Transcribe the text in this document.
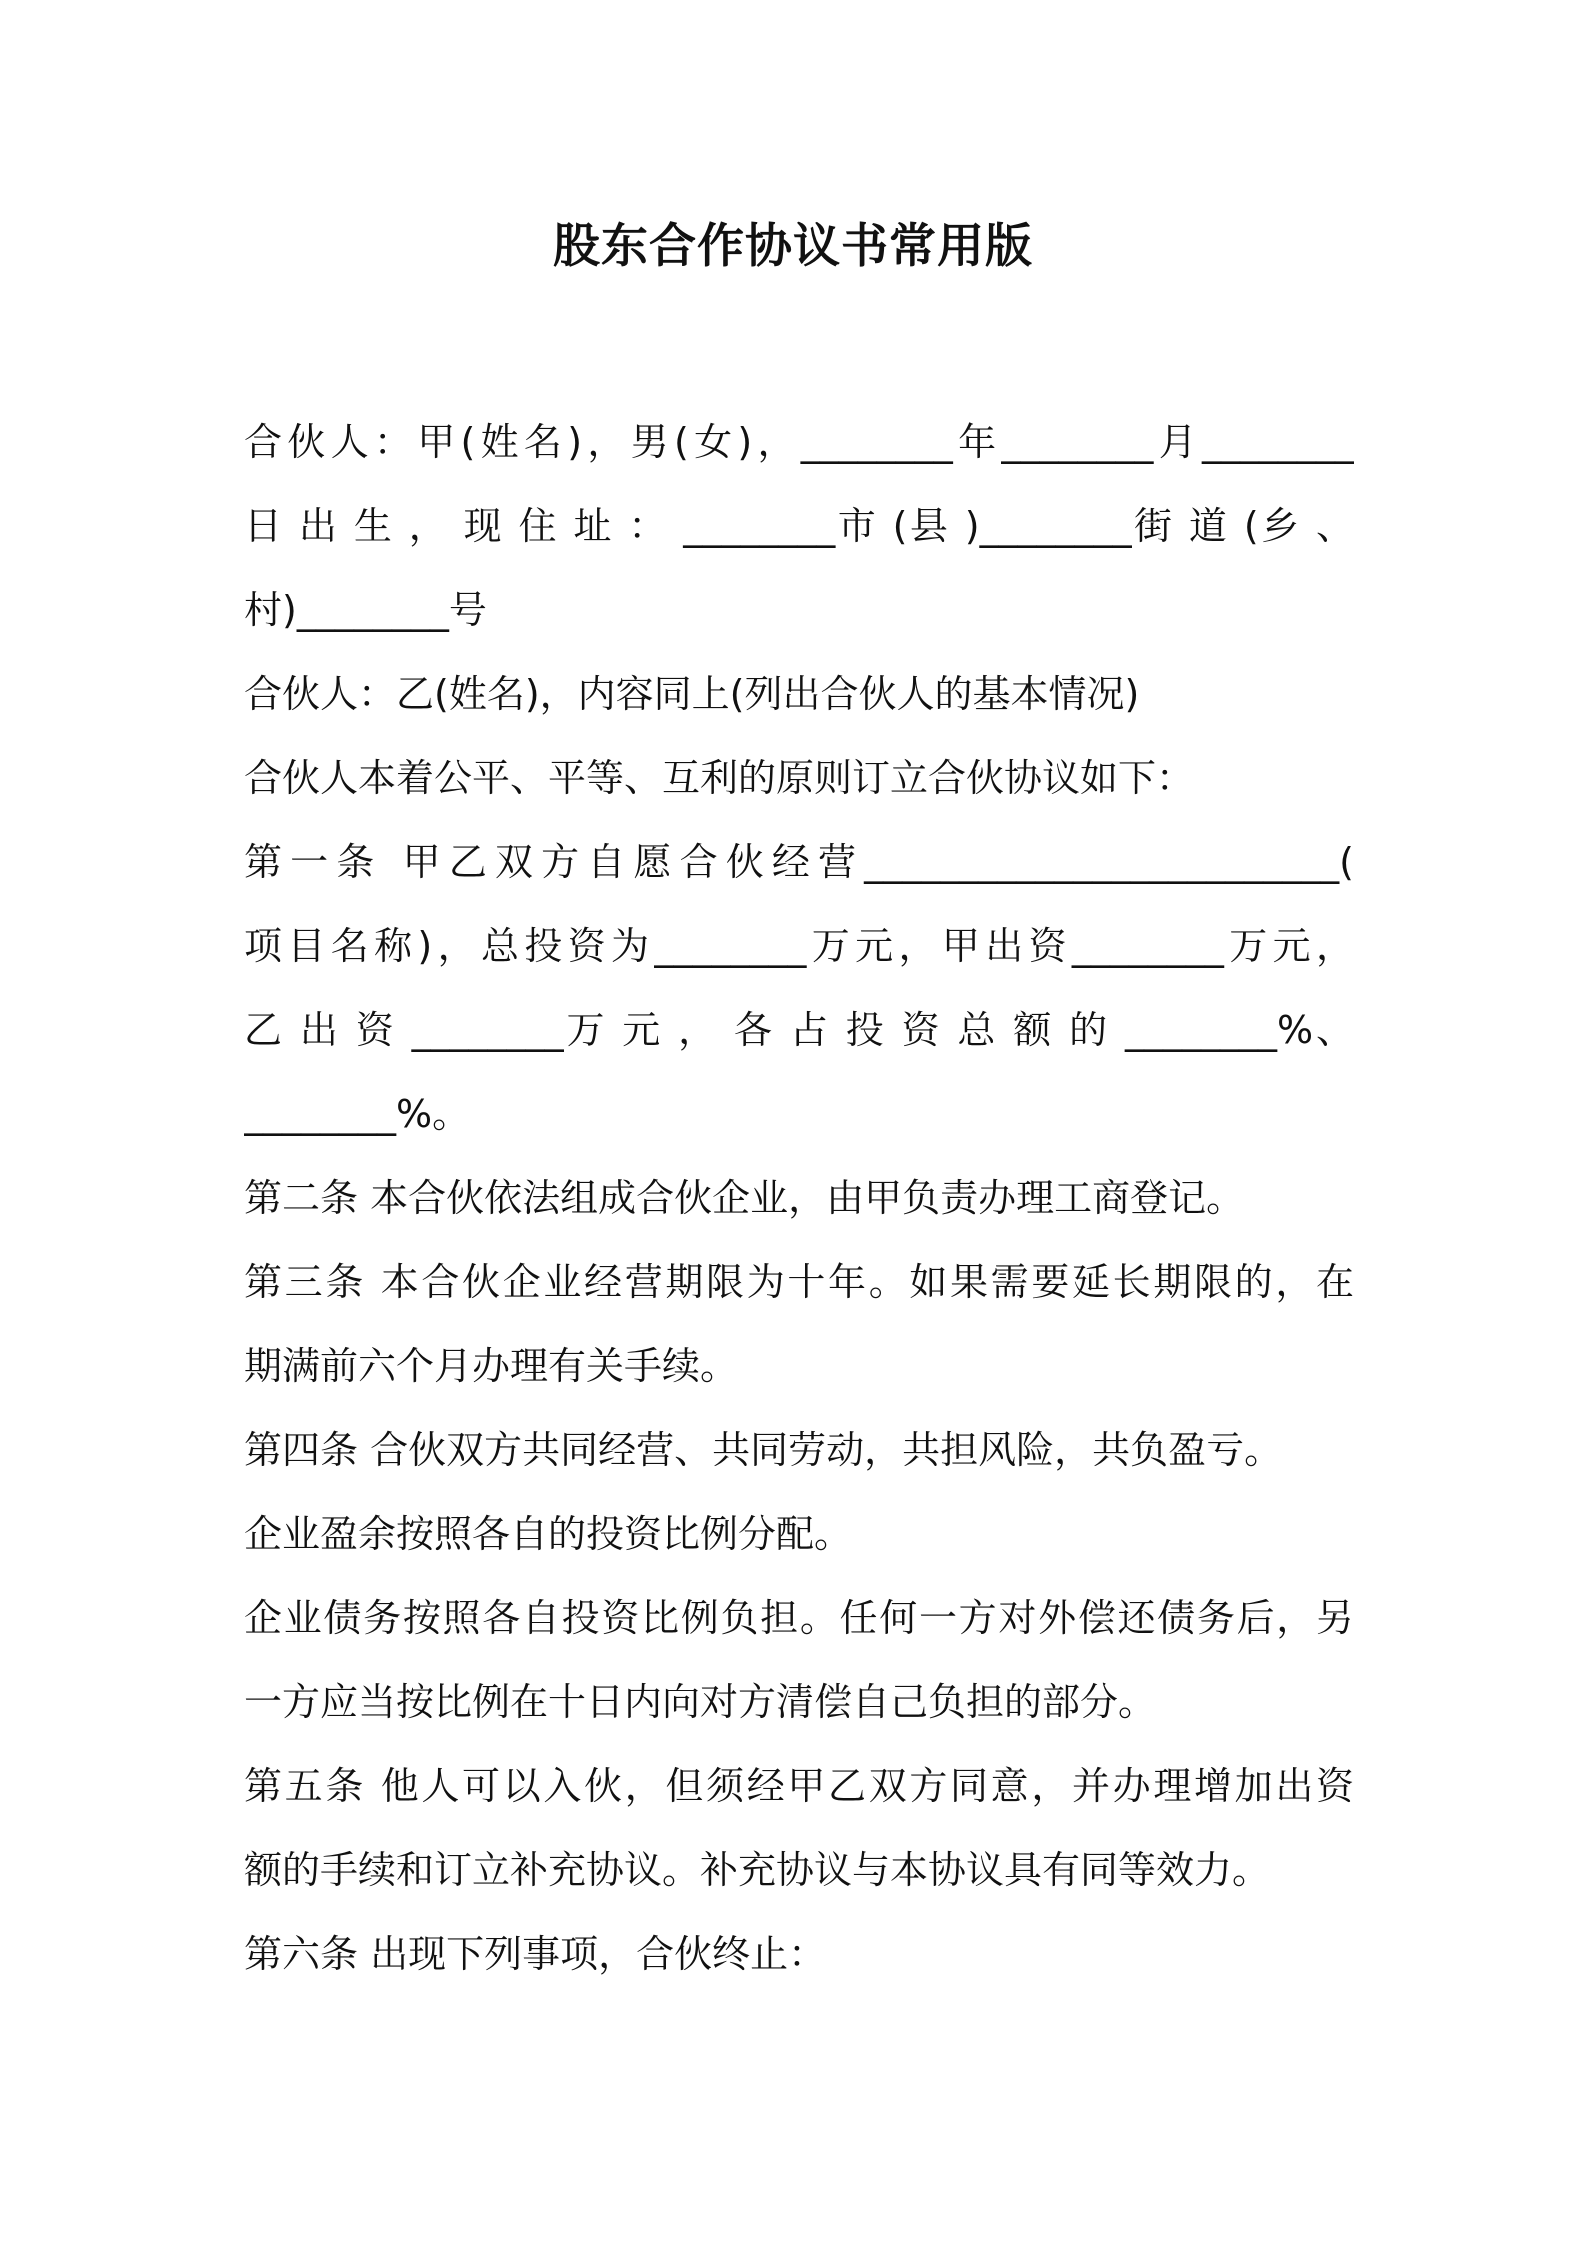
股东合作协议书常用版
合伙人：甲(姓名)，男(女)，________年________月________
日 出 生 ， 现 住 址 ： ________市 (县 )________街 道 (乡 、
村)________号
合伙人：乙(姓名)，内容同上(列出合伙人的基本情况)
合伙人本着公平、平等、互利的原则订立合伙协议如下：
第一条 甲乙双方自愿合伙经营_________________________(
项目名称)，总投资为________万元，甲出资________万元，
乙 出 资 ________万 元 ， 各 占 投 资 总 额 的 ________%、
________%。
第二条 本合伙依法组成合伙企业，由甲负责办理工商登记。
第三条 本合伙企业经营期限为十年。如果需要延长期限的，在
期满前六个月办理有关手续。
第四条 合伙双方共同经营、共同劳动，共担风险，共负盈亏。
企业盈余按照各自的投资比例分配。
企业债务按照各自投资比例负担。任何一方对外偿还债务后，另
一方应当按比例在十日内向对方清偿自己负担的部分。
第五条 他人可以入伙，但须经甲乙双方同意，并办理增加出资
额的手续和订立补充协议。补充协议与本协议具有同等效力。
第六条 出现下列事项，合伙终止：
